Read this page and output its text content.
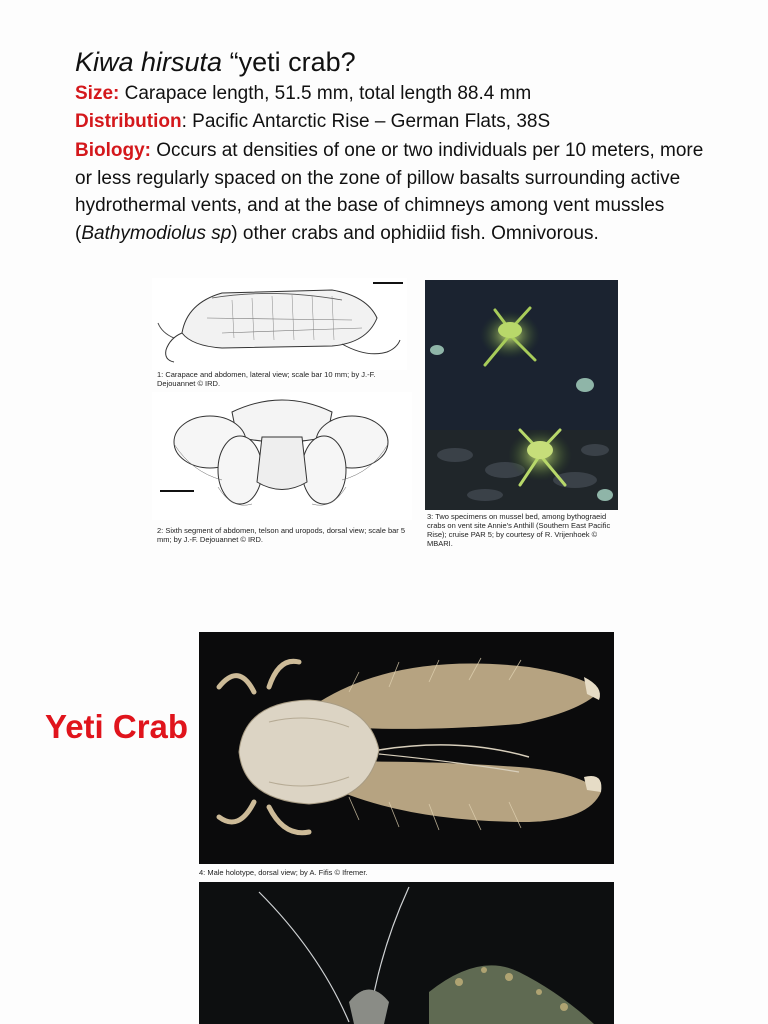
Kiwa hirsuta “yeti crab?
Size: Carapace length, 51.5 mm, total length 88.4 mm
Distribution: Pacific Antarctic Rise – German Flats, 38S
Biology: Occurs at densities of one or two individuals per 10 meters, more or less regularly spaced on the zone of pillow basalts surrounding active hydrothermal vents, and at the base of chimneys among vent mussles (Bathymodiolus sp) other crabs and ophidiid fish. Omnivorous.
1: Carapace and abdomen, lateral view; scale bar 10 mm; by J.-F. Dejouannet © IRD.
2: Sixth segment of abdomen, telson and uropods, dorsal view; scale bar 5 mm; by J.-F. Dejouannet © IRD.
3: Two specimens on mussel bed, among bythograeid crabs on vent site Annie's Anthill (Southern East Pacific Rise); cruise PAR 5; by courtesy of R. Vrijenhoek © MBARI.
Yeti Crab
4: Male holotype, dorsal view; by A. Fifis © Ifremer.
